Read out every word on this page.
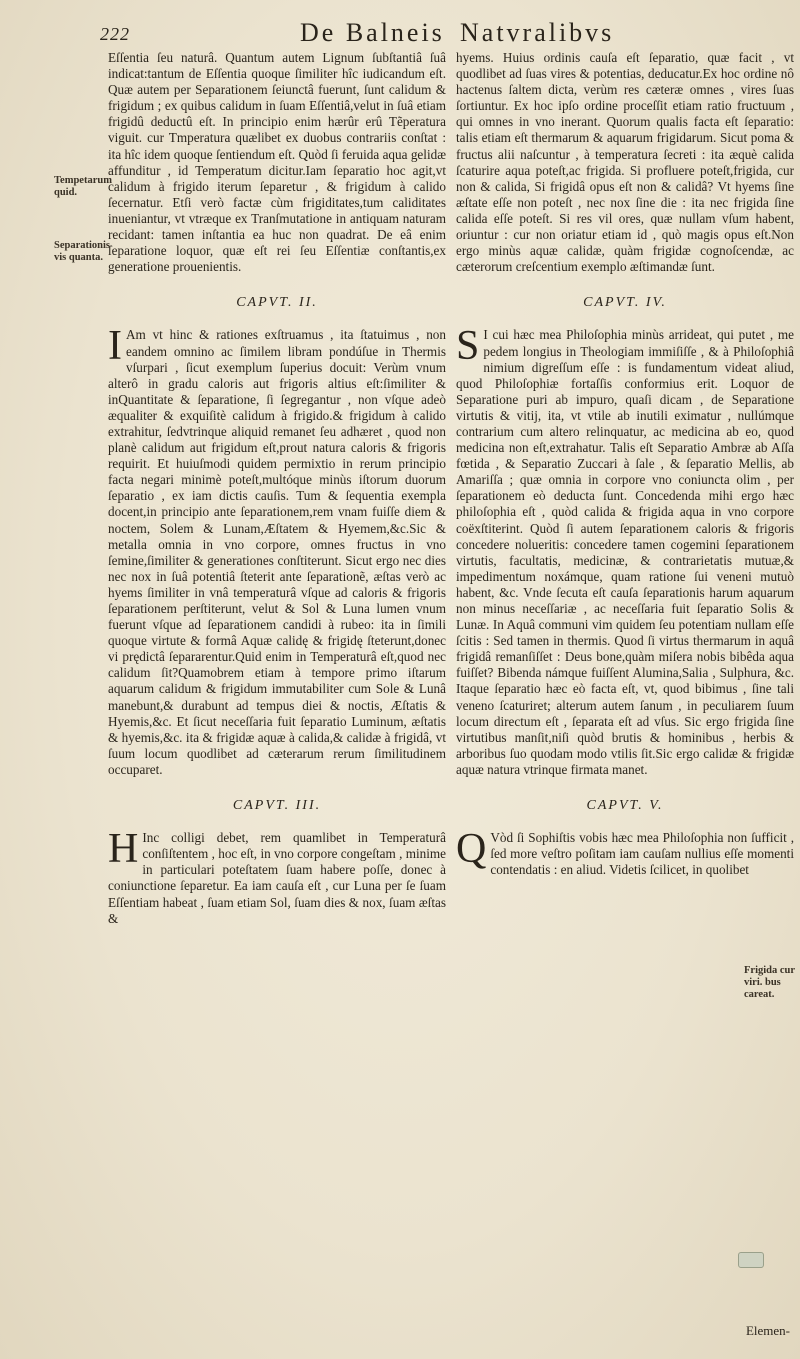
222	De Balneis Natvralibvs
Tempetarum quid.
Separationis vis quanta.
Frigida cur viri. bus careat.

Eſſentia ſeu naturâ. Quantum autem Lignum ſubſtantiâ ſuâ indicat:tantum de Eſſentia quoque ſimiliter hîc iudicandum eſt. Quæ autem per Separationem ſeiunctâ fuerunt, ſunt calidum & frigidum ; ex quibus calidum in ſuam Eſſentiâ,velut in ſuâ etiam frigidû deductû eſt. In principio enim hærûr erû Tẽperatura viguit. cur Tmperatura quælibet ex duobus contrariis conſtat : ita hîc idem quoque ſentiendum eſt. Quòd ſi feruida aqua gelidæ affunditur , id Temperatum dicitur.Iam ſeparatio hoc agit,vt calidum à frigido iterum ſeparetur , & frigidum à calido ſecernatur. Etſi verò factæ cùm frigiditates,tum caliditates inueniantur, vt vtræque ex Tranſmutatione in antiquam naturam recidant: tamen inſtantia ea huc non quadrat. De eâ enim ſeparatione loquor, quæ eſt rei ſeu Eſſentiæ conſtantis,ex generatione prouenientis.

CAPVT. II.

I Am vt hinc & rationes exſtruamus , ita ſtatuimus , non eandem omnino ac ſimilem libram pondúſue in Thermis vſurpari , ſicut exemplum ſuperius docuit: Verùm vnum alterô in gradu caloris aut frigoris altius eſt:ſimiliter & inQuantitate & ſeparatione, ſi ſegregantur , non vſque adeò æqualiter & exquiſitè calidum à frigido.& frigidum à calido extrahitur, ſedvtrinque aliquid remanet ſeu adhæret , quod non planè calidum aut frigidum eſt,prout natura caloris & frigoris requirit. Et huiuſmodi quidem permixtio in rerum principio facta negari minimè poteſt,multóque minùs iſtorum duorum ſeparatio , ex iam dictis cauſis. Tum & ſequentia exempla docent,in principio ante ſeparationem,rem vnam fuiſſe diem & noctem, Solem & Lunam,Æſtatem & Hyemem,&c.Sic & metalla omnia in vno corpore, omnes fructus in vno ſemine,ſimiliter & generationes conſtiterunt. Sicut ergo nec dies nec nox in ſuâ potentiâ ſteterit ante ſeparationẽ, æſtas verò ac hyems ſimiliter in vnâ temperaturâ vſque ad caloris & frigoris ſeparationem perſtiterunt, velut & Sol & Luna lumen vnum fuerunt vſque ad ſeparationem candidi à rubeo: ita in ſimili quoque virtute & formâ Aquæ calidę & frigidę ſteterunt,donec vi prędictâ ſepararentur.Quid enim in Temperaturâ eſt,quod nec calidum ſit?Quamobrem etiam à tempore primo iſtarum aquarum calidum & frigidum immutabiliter cum Sole & Lunâ manebunt,& durabunt ad tempus diei & noctis, Æſtatis & Hyemis,&c. Et ſicut neceſſaria fuit ſeparatio Luminum, æſtatis & hyemis,&c. ita & frigidæ aquæ à calida,& calidæ à frigidâ, vt ſuum locum quodlibet ad cæterarum rerum ſimilitudinem occuparet.

CAPVT. III.

H Inc colligi debet, rem quamlibet in Temperaturâ conſiſtentem , hoc eſt, in vno corpore congeſtam , minime in particulari poteſtatem ſuam habere poſſe, donec à coniunctione ſeparetur. Ea iam cauſa eſt , cur Luna per ſe ſuam Eſſentiam habeat , ſuam etiam Sol, ſuam dies & nox, ſuam æſtas &

hyems. Huius ordinis cauſa eſt ſeparatio, quæ facit , vt quodlibet ad ſuas vires & potentias, deducatur.Ex hoc ordine nô hactenus ſaltem dicta, verùm res cæteræ omnes , vires ſuas ſortiuntur. Ex hoc ipſo ordine proceſſit etiam ratio fructuum , qui omnes in vno inerant. Quorum qualis facta eſt ſeparatio: talis etiam eſt thermarum & aquarum frigidarum. Sicut poma & fructus alii naſcuntur , à temperatura ſecreti : ita æquè calida ſcaturire aqua poteſt,ac frigida. Si profluere poteſt,frigida, cur non & calida, Si frigidâ opus eſt non & calidâ? Vt hyems ſine æſtate eſſe non poteſt , nec nox ſine die : ita nec frigida ſine calida eſſe poteſt. Si res vil ores, quæ nullam vſum habent, oriuntur : cur non oriatur etiam id , quò magis opus eſt.Non ergo minùs aquæ calidæ, quàm frigidæ cognoſcendæ, ac cæterorum creſcentium exemplo æſtimandæ ſunt.

CAPVT. IV.

S I cui hæc mea Philoſophia minùs arrideat, qui putet , me pedem longius in Theologiam immiſiſſe , & à Philoſophiâ nimium digreſſum eſſe : is fundamentum videat aliud, quod Philoſophiæ fortaſſis conformius erit. Loquor de Separatione puri ab impuro, quaſi dicam , de Separatione virtutis & vitij, ita, vt vtile ab inutili eximatur , nullúmque contrarium cum altero relinquatur, ac medicina ab eo, quod medicina non eſt,extrahatur. Talis eſt Separatio Ambræ ab Aſſa fœtida , & Separatio Zuccari à ſale , & ſeparatio Mellis, ab Amariſſa ; quæ omnia in corpore vno coniuncta olim , per ſeparationem eò deducta ſunt. Concedenda mihi ergo hæc philoſophia eſt , quòd calida & frigida aqua in vno corpore coëxſtiterint. Quòd ſi autem ſeparationem caloris & frigoris concedere nolueritis: concedere tamen cogemini ſeparationem virtutis, facultatis, medicinæ, & contrarietatis mutuæ,& impedimentum noxámque, quam ratione ſui veneni mutuò habent, &c. Vnde ſecuta eſt cauſa ſeparationis harum aquarum non minus neceſſariæ , ac neceſſaria fuit ſeparatio Solis & Lunæ. In Aquâ communi vim quidem ſeu potentiam nullam eſſe ſcitis : Sed tamen in thermis. Quod ſi virtus thermarum in aquâ frigidâ remanſiſſet : Deus bone,quàm miſera nobis bibêda aqua fuiſſet? Bibenda námque fuiſſent Alumina,Salia , Sulphura, &c. Itaque ſeparatio hæc eò facta eſt, vt, quod bibimus , ſine tali veneno ſcaturiret; alterum autem ſanum , in peculiarem ſuum locum directum eſt , ſeparata eſt ad vſus. Sic ergo frigida ſine virtutibus manſit,niſi quòd brutis & hominibus , herbis & arboribus ſuo quodam modo vtilis ſit.Sic ergo calidæ & frigidæ aquæ natura vtrinque firmata manet.

CAPVT. V.

Q Vòd ſi Sophiſtis vobis hæc mea Philoſophia non ſufficit , ſed more veſtro poſitam iam cauſam nullius eſſe momenti contendatis : en aliud. Videtis ſcilicet, in quolibet

Elemen-
